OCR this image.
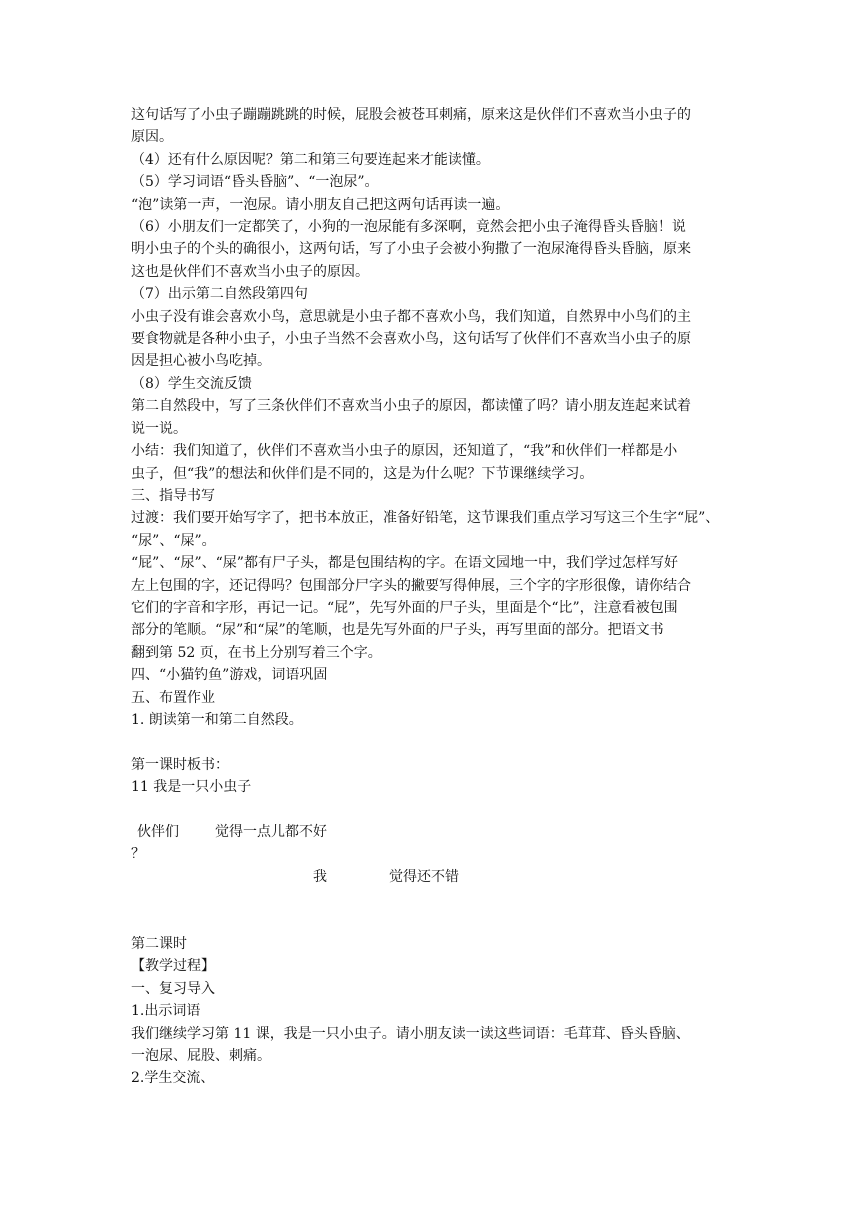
这句话写了小虫子蹦蹦跳跳的时候，屁股会被苍耳刺痛，原来这是伙伴们不喜欢当小虫子的

原因。

（4）还有什么原因呢？第二和第三句要连起来才能读懂。

（5）学习词语“昏头昏脑”、“一泡尿”。

“泡”读第一声，一泡尿。请小朋友自己把这两句话再读一遍。

（6）小朋友们一定都笑了，小狗的一泡尿能有多深啊，竟然会把小虫子淹得昏头昏脑！说

明小虫子的个头的确很小，这两句话，写了小虫子会被小狗撒了一泡尿淹得昏头昏脑，原来

这也是伙伴们不喜欢当小虫子的原因。

（7）出示第二自然段第四句

小虫子没有谁会喜欢小鸟，意思就是小虫子都不喜欢小鸟，我们知道，自然界中小鸟们的主

要食物就是各种小虫子，小虫子当然不会喜欢小鸟，这句话写了伙伴们不喜欢当小虫子的原

因是担心被小鸟吃掉。

（8）学生交流反馈

第二自然段中，写了三条伙伴们不喜欢当小虫子的原因，都读懂了吗？请小朋友连起来试着

说一说。

小结：我们知道了，伙伴们不喜欢当小虫子的原因，还知道了，“我”和伙伴们一样都是小

虫子，但“我”的想法和伙伴们是不同的，这是为什么呢？下节课继续学习。

三、指导书写

过渡：我们要开始写字了，把书本放正，准备好铅笔，这节课我们重点学习写这三个生字“屁”、

“尿”、“屎”。

“屁”、“尿”、“屎”都有尸子头，都是包围结构的字。在语文园地一中，我们学过怎样写好

左上包围的字，还记得吗？包围部分尸字头的撇要写得伸展，三个字的字形很像，请你结合

它们的字音和字形，再记一记。“屁”，先写外面的尸子头，里面是个“比”，注意看被包围

部分的笔顺。“尿”和“屎”的笔顺，也是先写外面的尸子头，再写里面的部分。把语文书

翻到第 52 页，在书上分别写着三个字。

四、“小猫钓鱼”游戏，词语巩固

五、布置作业

1. 朗读第一和第二自然段。

第一课时板书：

11 我是一只小虫子

伙伴们	觉得一点儿都不好

？

我	觉得还不错

第二课时

【教学过程】

一、复习导入

1.出示词语

我们继续学习第 11 课，我是一只小虫子。请小朋友读一读这些词语：毛茸茸、昏头昏脑、

一泡尿、屁股、刺痛。

2.学生交流、
